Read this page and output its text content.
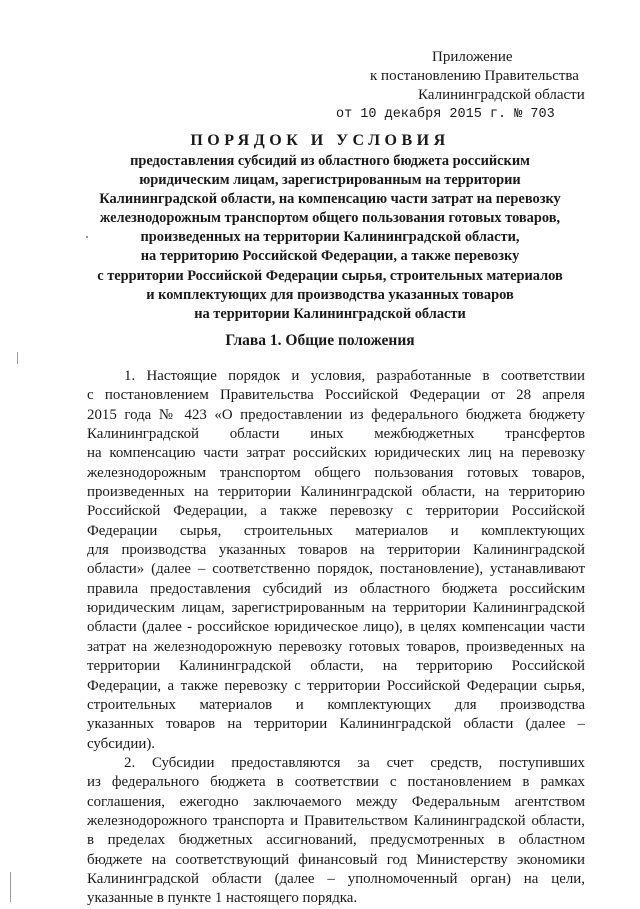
Приложение
к постановлению Правительства
Калининградской области
от 10 декабря 2015 г. № 703
ПОРЯДОК И УСЛОВИЯ
предоставления субсидий из областного бюджета российским
юридическим лицам, зарегистрированным на территории
Калининградской области, на компенсацию части затрат на перевозку
железнодорожным транспортом общего пользования готовых товаров,
произведенных на территории Калининградской области,
на территорию Российской Федерации, а также перевозку
с территории Российской Федерации сырья, строительных материалов
и комплектующих для производства указанных товаров
на территории Калининградской области
Глава 1. Общие положения
1. Настоящие порядок и условия, разработанные в соответствии
с постановлением Правительства Российской Федерации от 28 апреля
2015 года № 423 «О предоставлении из федерального бюджета бюджету
Калининградской области иных межбюджетных трансфертов
на компенсацию части затрат российских юридических лиц на перевозку
железнодорожным транспортом общего пользования готовых товаров,
произведенных на территории Калининградской области, на территорию
Российской Федерации, а также перевозку с территории Российской
Федерации сырья, строительных материалов и комплектующих
для производства указанных товаров на территории Калининградской
области» (далее – соответственно порядок, постановление), устанавливают
правила предоставления субсидий из областного бюджета российским
юридическим лицам, зарегистрированным на территории Калининградской
области (далее - российское юридическое лицо), в целях компенсации части
затрат на железнодорожную перевозку готовых товаров, произведенных на
территории Калининградской области, на территорию Российской
Федерации, а также перевозку с территории Российской Федерации сырья,
строительных материалов и комплектующих для производства
указанных товаров на территории Калининградской области (далее –
субсидии).
2. Субсидии предоставляются за счет средств, поступивших
из федерального бюджета в соответствии с постановлением в рамках
соглашения, ежегодно заключаемого между Федеральным агентством
железнодорожного транспорта и Правительством Калининградской области,
в пределах бюджетных ассигнований, предусмотренных в областном
бюджете на соответствующий финансовый год Министерству экономики
Калининградской области (далее – уполномоченный орган) на цели,
указанные в пункте 1 настоящего порядка.
